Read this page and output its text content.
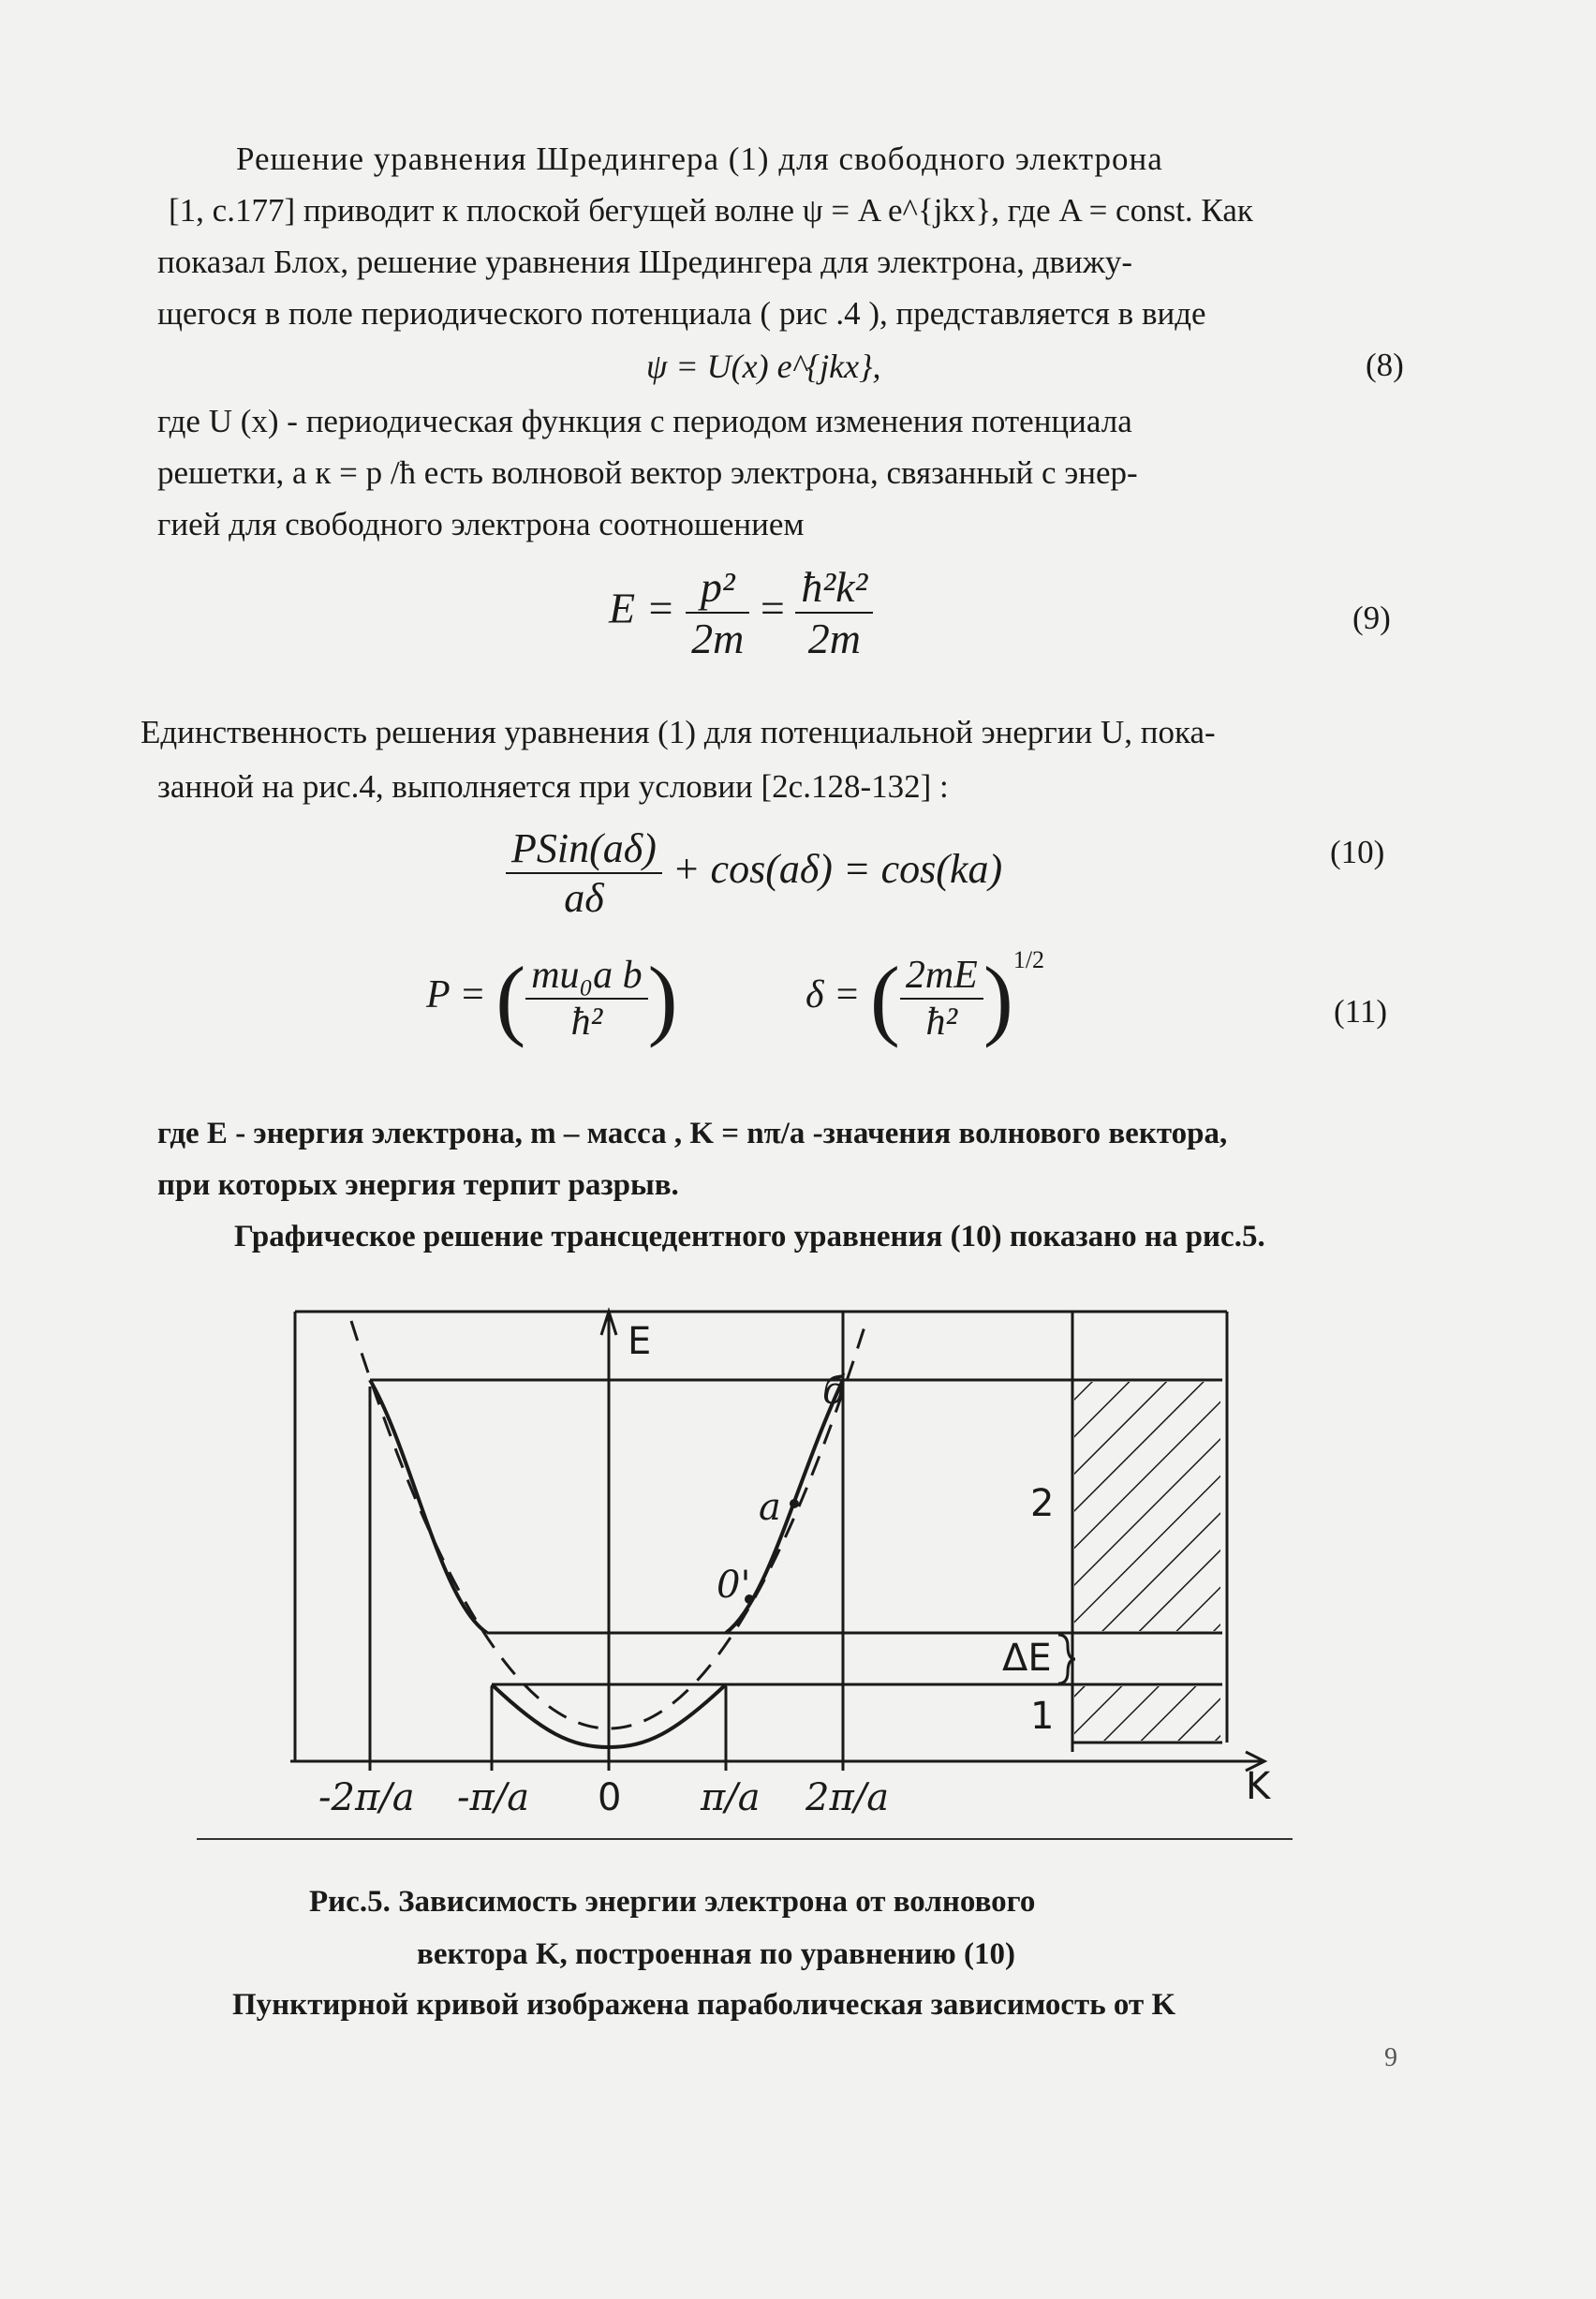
Решение уравнения Шредингера (1) для свободного электрона
[1, с.177] приводит к плоской бегущей волне ψ = A e^{jkx}, где A = const. Как
показал Блох, решение уравнения Шредингера для электрона, движу-
щегося в поле периодического потенциала ( рис .4 ), представляется в виде
ψ = U(x) e^{jkx},	(8)
где U (x) - периодическая функция с периодом изменения потенциала
решетки, а к = р /ħ есть волновой вектор электрона, связанный с энер-
гией для свободного электрона соотношением
$E = \frac{\text{p²}}{2m} = \frac{\text{ħ²k²}}{2m}$	(9)
Единственность решения уравнения (1) для потенциальной энергии U, пока-
занной на рис.4, выполняется при условии [2с.128-132] :
$\frac{\text{PSin(aδ)}}{a\delta} + \cos(a\delta) = \cos(ka)$	(10)
P = ( $\frac{\text{mu₀a b}}{\text{ħ²}}$ )	δ = ( $\frac{2mE}{\text{ħ²}} )^{1/2}$
(11)
где E - энергия электрона, m – масса , K = nπ/a -значения волнового вектора,
при которых энергия терпит разрыв.
Графическое решение трансцедентного уравнения (10) показано на рис.5.
E
K
б
a
0'
2
ΔE
1
-2π/a -π/a 0 π/a 2π/a
Рис.5. Зависимость энергии электрона от волнового
вектора K, построенная по уравнению (10)
Пунктирной кривой изображена параболическая зависимость от K
9
